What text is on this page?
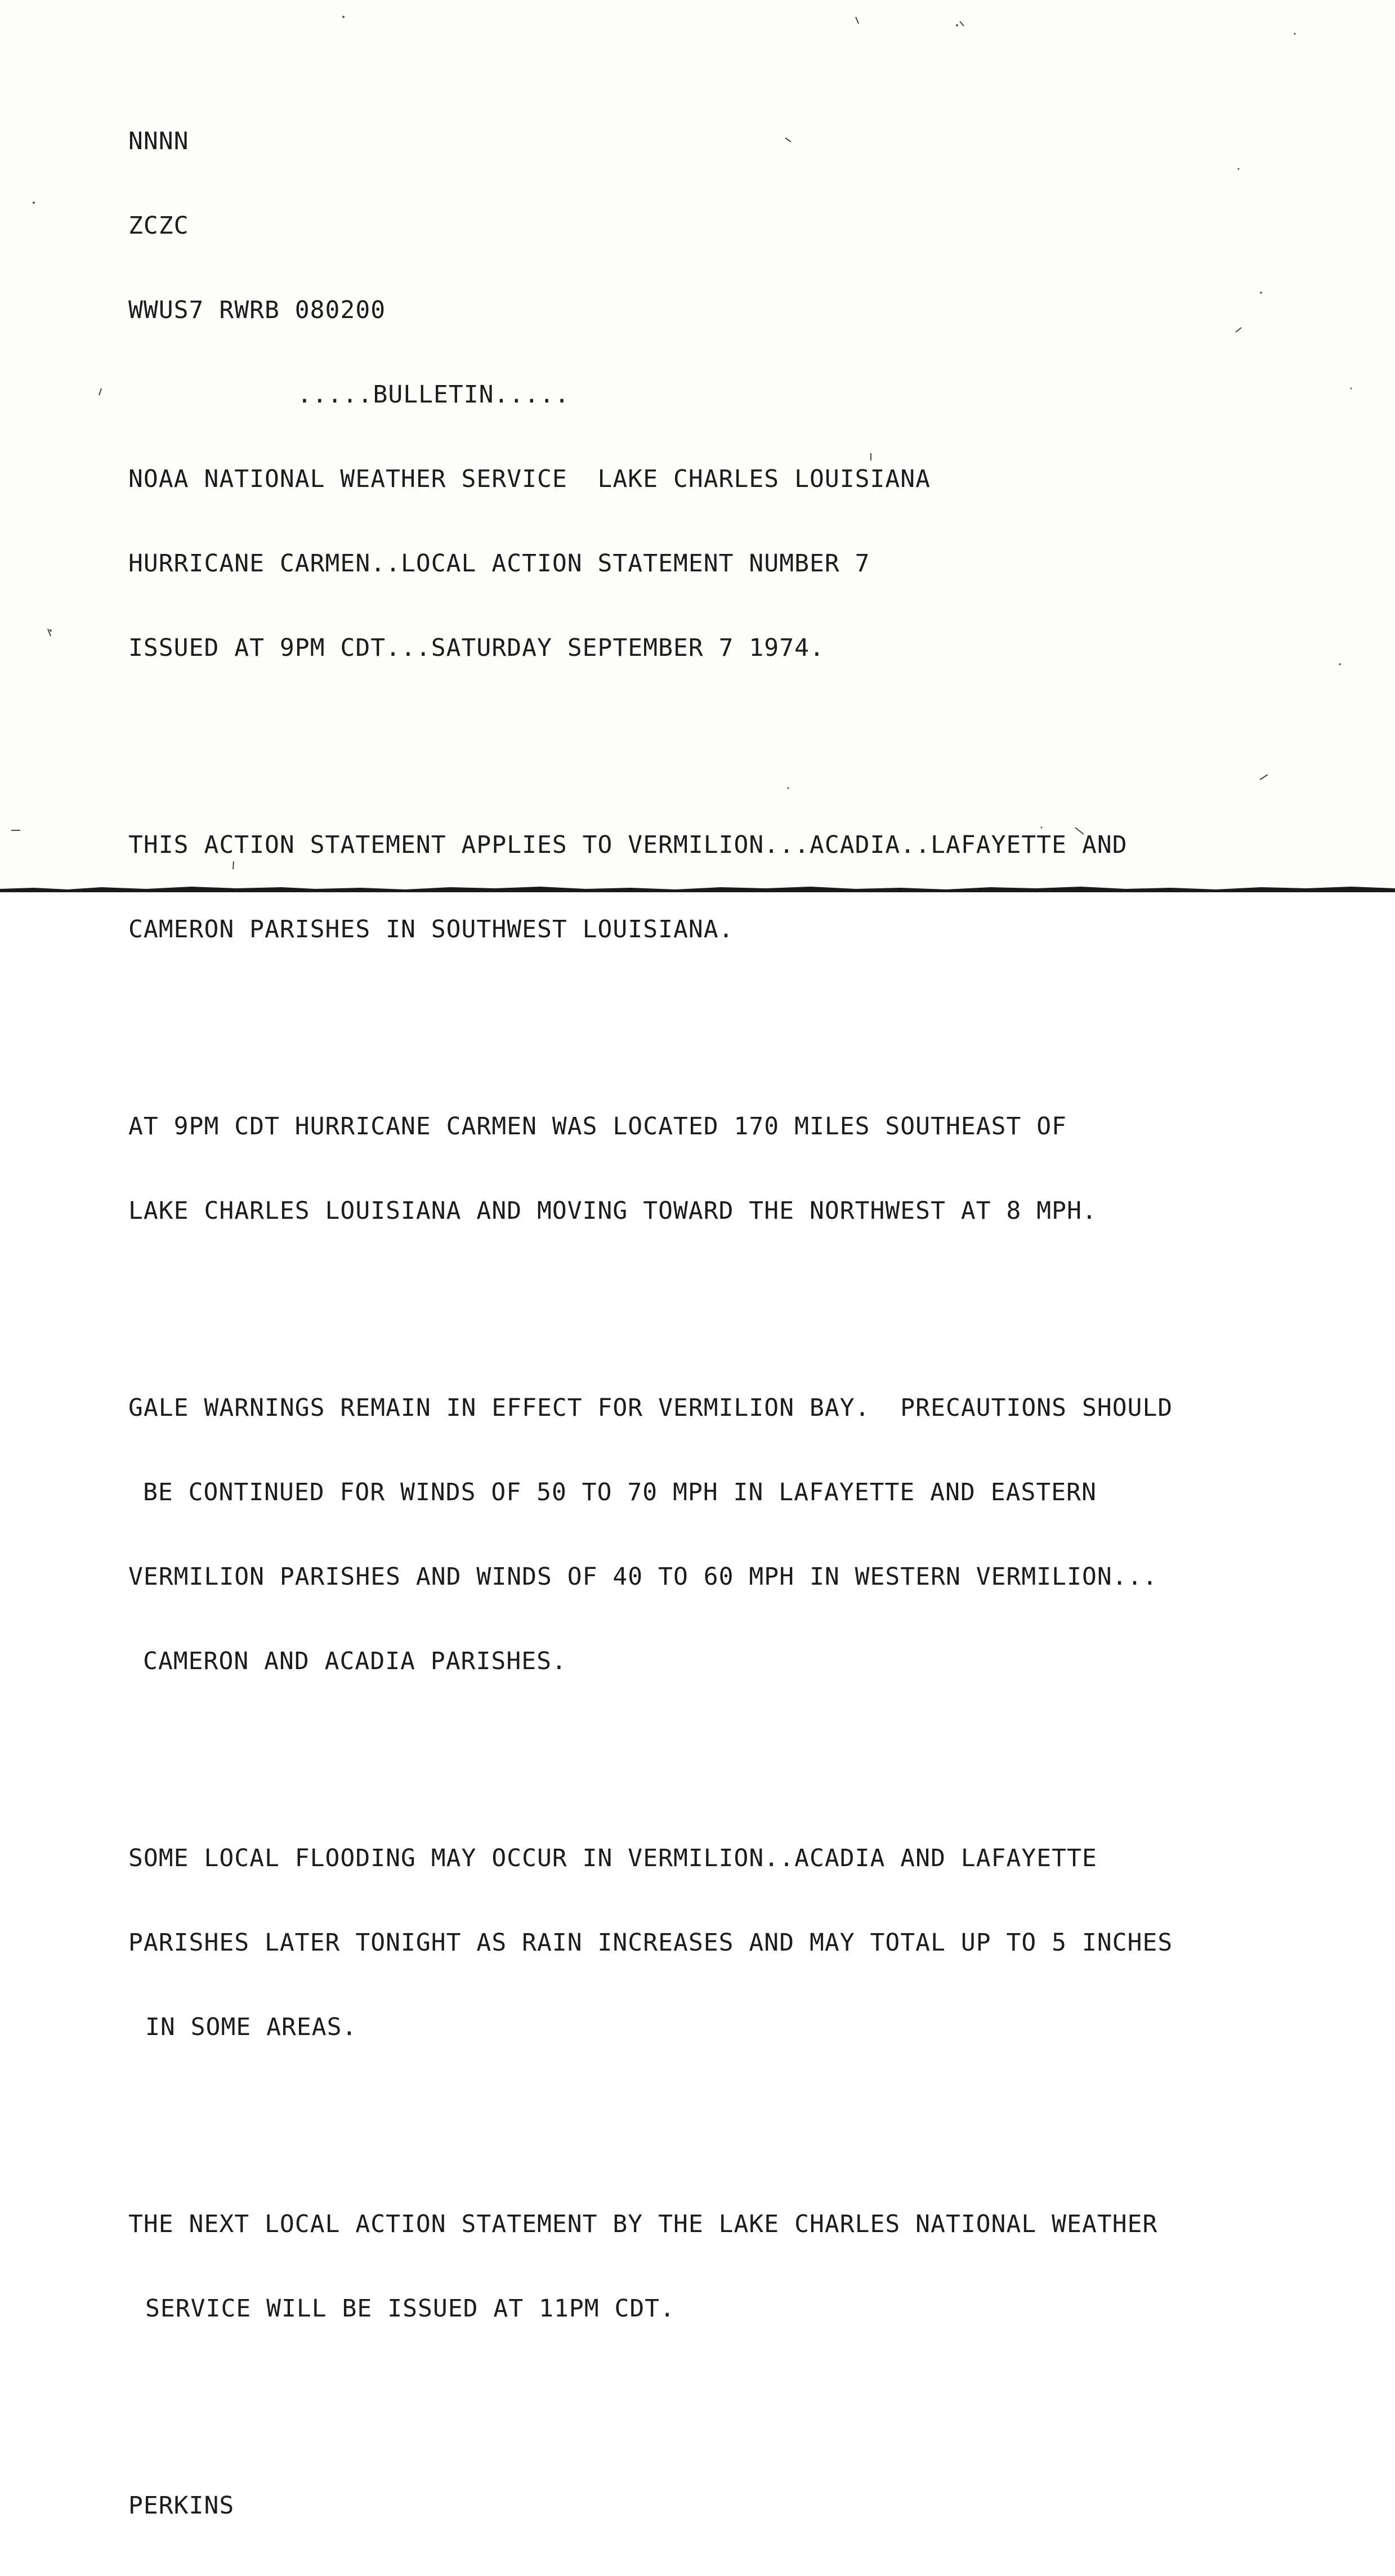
NNNN

ZCZC

WWUS7 RWRB 080200

.....BULLETIN.....

NOAA NATIONAL WEATHER SERVICE  LAKE CHARLES LOUISIANA

HURRICANE CARMEN..LOCAL ACTION STATEMENT NUMBER 7

ISSUED AT 9PM CDT...SATURDAY SEPTEMBER 7 1974.

THIS ACTION STATEMENT APPLIES TO VERMILION...ACADIA..LAFAYETTE AND

CAMERON PARISHES IN SOUTHWEST LOUISIANA.

AT 9PM CDT HURRICANE CARMEN WAS LOCATED 170 MILES SOUTHEAST OF

LAKE CHARLES LOUISIANA AND MOVING TOWARD THE NORTHWEST AT 8 MPH.

GALE WARNINGS REMAIN IN EFFECT FOR VERMILION BAY.  PRECAUTIONS SHOULD

BE CONTINUED FOR WINDS OF 50 TO 70 MPH IN LAFAYETTE AND EASTERN

VERMILION PARISHES AND WINDS OF 40 TO 60 MPH IN WESTERN VERMILION...

CAMERON AND ACADIA PARISHES.

SOME LOCAL FLOODING MAY OCCUR IN VERMILION..ACADIA AND LAFAYETTE

PARISHES LATER TONIGHT AS RAIN INCREASES AND MAY TOTAL UP TO 5 INCHES

IN SOME AREAS.

THE NEXT LOCAL ACTION STATEMENT BY THE LAKE CHARLES NATIONAL WEATHER

SERVICE WILL BE ISSUED AT 11PM CDT.

PERKINS
